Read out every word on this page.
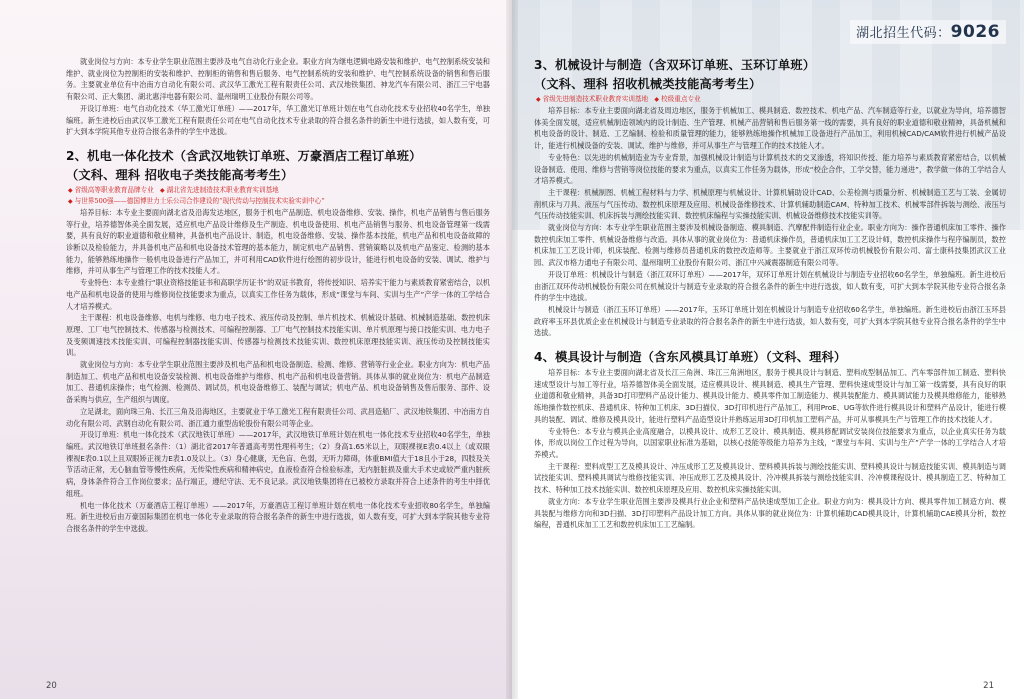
就业岗位与方向：本专业学生职业范围主要涉及电气自动化行业企业。职业方向为继电逻辑电路安装和维护、电气控制系统安装和维护、就业岗位为控制柜的安装和维护、控制柜的销售和售后服务、电气控制系统的安装和维护、电气控制系统设备的销售和售后服务。主要就业单位有中冶南方自动化有限公司、武汉华工激光工程有限责任公司、武汉地铁集团、神龙汽车有限公司、浙江三宇电器有限公司、正大集团、湖北惠洋电器有限公司、温州瑞明工业股份有限公司等。

开设订单班：电气自动化技术（华工激光订单班）——2017年，华工激光订单班计划在电气自动化技术专业招收40名学生，单独编班。新生进校后由武汉华工激光工程有限责任公司在电气自动化技术专业录取的符合报名条件的新生中进行选拔，如人数有变，可扩大到本学院其他专业符合报名条件的学生中选拔。

2、机电一体化技术（含武汉地铁订单班、万豪酒店工程订单班）
（文科、理科 招收电子类技能高考考生）
◆ 省级高等职业教育品牌专业 ◆ 湖北省先进制造技术职业教育实训基地
◆ 与世界500强——德国博世力士乐公司合作建设的“现代传动与控制技术实验实训中心”

培养目标：本专业主要面向湖北省及沿海发达地区，服务于机电产品制造、机电设备维修、安装、操作，机电产品销售与售后服务等行业，培养德智体美全面发展，适应机电产品设计维修及生产制造、机电设备使用、机电产品销售与服务、机电设备管理第一线需要，具有良好的职业道德和敬业精神，具备机电产品设计、制造，机电设备维修、安装、操作基本技能，机电产品和机电设备故障的诊断以及检验能力，并具备机电产品和机电设备技术管理的基本能力，制定机电产品销售、营销策略以及机电产品鉴定、检测的基本能力，能够熟练地操作一般机电设备进行产品加工，并可利用CAD软件进行绘图的初步设计，能进行机电设备的安装、调试、维护与维修，并可从事生产与管理工作的技术技能人才。

专业特色：本专业推行“职业资格技能证书和高职学历证书”的双证书教育，将传授知识、培养实干能力与素质教育紧密结合，以机电产品和机电设备的使用与维修岗位技能要求为重点，以真实工作任务为载体，形成“课堂与车间、实训与生产”产学一体的工学结合人才培养模式。

主干课程：机电设备维修、电机与维修、电力电子技术、液压传动及控制、单片机技术、机械设计基础、机械制造基础、数控机床原理、工厂电气控制技术、传感器与检测技术、可编程控制器、工厂电气控制技术技能实训、单片机原理与接口技能实训、电力电子及变频调速技术技能实训、可编程控制器技能实训、传感器与检测技术技能实训、数控机床原理技能实训、液压传动及控制技能实训。

就业岗位与方向：本专业学生职业范围主要涉及机电产品和机电设备制造、检测、维修、营销等行业企业。职业方向为：机电产品制造加工、机电产品和机电设备安装检测、机电设备维护与维修、机电产品和机电设备营销。具体从事的就业岗位为：机电产品制造加工、普通机床操作；电气检测、检测员、调试员，机电设备维修工、装配与调试；机电产品、机电设备销售及售后服务、部件、设备采购与供应，生产组织与调度。

立足湖北，面向珠三角、长江三角及沿海地区，主要就业于华工激光工程有限责任公司、武昌造船厂、武汉地铁集团、中冶南方自动化有限公司、武钢自动化有限公司、浙江通力重型齿轮股份有限公司等企业。

开设订单班：机电一体化技术（武汉地铁订单班）——2017年，武汉地铁订单班计划在机电一体化技术专业招收40名学生，单独编班。武汉地铁订单班报名条件：（1）湖北省2017年普通高考男性理科考生；（2）身高1.65米以上，双眼裸视E表0.4以上（或双眼裸视E表0.1以上且双眼矫正视力E表1.0及以上。（3）身心健康，无色盲、色弱，无听力障碍，体重BMI值大于18且小于28，四肢及关节活动正常，无心脑血管等慢性疾病，无传染性疾病和精神病史，血液检查符合检验标准，无内脏脏损及重大手术史或较严重内脏疾病，身体条件符合工作岗位要求；品行端正，遵纪守法、无不良记录。武汉地铁集团将在已被校方录取并符合上述条件的考生中择优组班。

机电一体化技术（万豪酒店工程订单班）——2017年，万豪酒店工程订单班计划在机电一体化技术专业招收80名学生，单独编班。新生进校后由万豪国际集团在机电一体化专业录取的符合报名条件的新生中进行选拔，如人数有变，可扩大到本学院其他专业符合报名条件的学生中选拔。

20
湖北招生代码：9026
3、机械设计与制造（含双环订单班、玉环订单班）
（文科、理科 招收机械类技能高考考生）
◆ 省级先进制造技术职业教育实训基地 ◆ 校级重点专业

培养目标：本专业主要面向湖北省及周边地区，服务于机械加工、模具制造、数控技术、机电产品、汽车制造等行业，以就业为导向，培养德智体美全面发展，适应机械制造领域内的设计制造、生产管理、机械产品营销和售后服务第一线的需要，具有良好的职业道德和敬业精神，具备机械和机电设备的设计、制造、工艺编制、检验和质量管理的能力，能够熟练地操作机械加工设备进行产品加工，利用机械CAD/CAM软件进行机械产品设计，能进行机械设备的安装、调试、维护与维修，并可从事生产与管理工作的技术技能人才。

专业特色：以先进的机械制造业为专业背景，加强机械设计制造与计算机技术的交叉渗透，将知识传授、能力培养与素质教育紧密结合，以机械设备制造、使用、维修与营销等岗位技能的要求为重点，以真实工作任务为载体，形成“校企合作，工学交替，能力递进”，教学做一体的工学结合人才培养模式。

主干课程：机械制图、机械工程材料与力学、机械原理与机械设计、计算机辅助设计CAD、公差检测与质量分析、机械制造工艺与工装、金属切削机床与刀具、液压与气压传动、数控机床原理及应用、机械设备维修技术、计算机辅助制造CAM、特种加工技术、机械零部件拆装与测绘、液压与气压传动技能实训、机床拆装与测绘技能实训、数控机床编程与实操技能实训、机械设备维修技术技能实训等。

就业岗位与方向：本专业学生职业范围主要涉及机械设备制造、模具制造、汽摩配件制造行业企业。职业方向为：操作普通机床加工零件、操作数控机床加工零件、机械设备维修与改造。具体从事的就业岗位为：普通机床操作员，普通机床加工工艺设计师，数控机床操作与程序编制员，数控机床加工工艺设计师，机床装配、检测与维修员普通机床的数控改造师等。主要就业于浙江双环传动机械股份有限公司、富士康科技集团武汉工业园、武汉市格力通电子有限公司、温州瑞明工业股份有限公司、浙江中兴减震器制造有限公司等。

开设订单班：机械设计与制造（浙江双环订单班）——2017年，双环订单班计划在机械设计与制造专业招收60名学生，单独编班。新生进校后由浙江双环传动机械股份有限公司在机械设计与制造专业录取的符合报名条件的新生中进行选拔，如人数有变，可扩大到本学院其他专业符合报名条件的学生中选拔。

机械设计与制造（浙江玉环订单班）——2017年，玉环订单班计划在机械设计与制造专业招收60名学生，单独编班。新生进校后由浙江玉环县政府率玉环县优质企业在机械设计与制造专业录取的符合报名条件的新生中进行选拔，如人数有变，可扩大到本学院其他专业符合报名条件的学生中选拔。

4、模具设计与制造（含东风模具订单班）（文科、理科）

培养目标：本专业主要面向湖北省及长江三角洲、珠江三角洲地区，服务于模具设计与制造、塑料成型制品加工、汽车零部件加工制造、塑料快速成型设计与加工等行业，培养德智体美全面发展，适应模具设计、模具制造、模具生产管理、塑料快速成型设计与加工第一线需要，具有良好的职业道德和敬业精神，具备3D打印塑料产品设计能力、模具设计能力、模具零件加工制造能力、模具装配能力、模具调试能力及模具维修能力，能够熟练地操作数控机床、普通机床、特种加工机床、3D扫描仪、3D打印机进行产品加工，利用ProE、UG等软件进行模具设计和塑料产品设计，能进行模具的装配、调试、维修及模具设计，能进行塑料产品造型设计并熟练运用3D打印机加工塑料产品，并可从事模具生产与管理工作的技术技能人才。

专业特色：本专业与模具企业高度融合，以模具设计、成形工艺设计、模具制造、模具修配调试安装岗位技能要求为重点，以企业真实任务为载体，形成以岗位工作过程为导向，以国家职业标准为基础，以核心技能等级能力培养为主线，“课堂与车间、实训与生产”产学一体的工学结合人才培养模式。

主干课程：塑料成型工艺及模具设计、冲压成形工艺及模具设计、塑料模具拆装与测绘技能实训、塑料模具设计与制造技能实训、模具制造与调试技能实训、塑料模具调试与维修技能实训、冲压成形工艺及模具设计、冷冲模具拆装与测绘技能实训、冷冲模课程设计、模具制造工艺、特种加工技术、特种加工技术技能实训、数控机床原理及应用、数控机床实操技能实训。

就业方向：本专业学生职业范围主要涉及模具行业企业和塑料产品快速成型加工企业。职业方向为：模具设计方向、模具零件加工制造方向、模具装配与维修方向和3D扫描、3D打印塑料产品设计加工方向。具体从事的就业岗位为：计算机辅助CAD模具设计，计算机辅助CAE模具分析，数控编程，普通机床加工工艺和数控机床加工工艺编制。

21
